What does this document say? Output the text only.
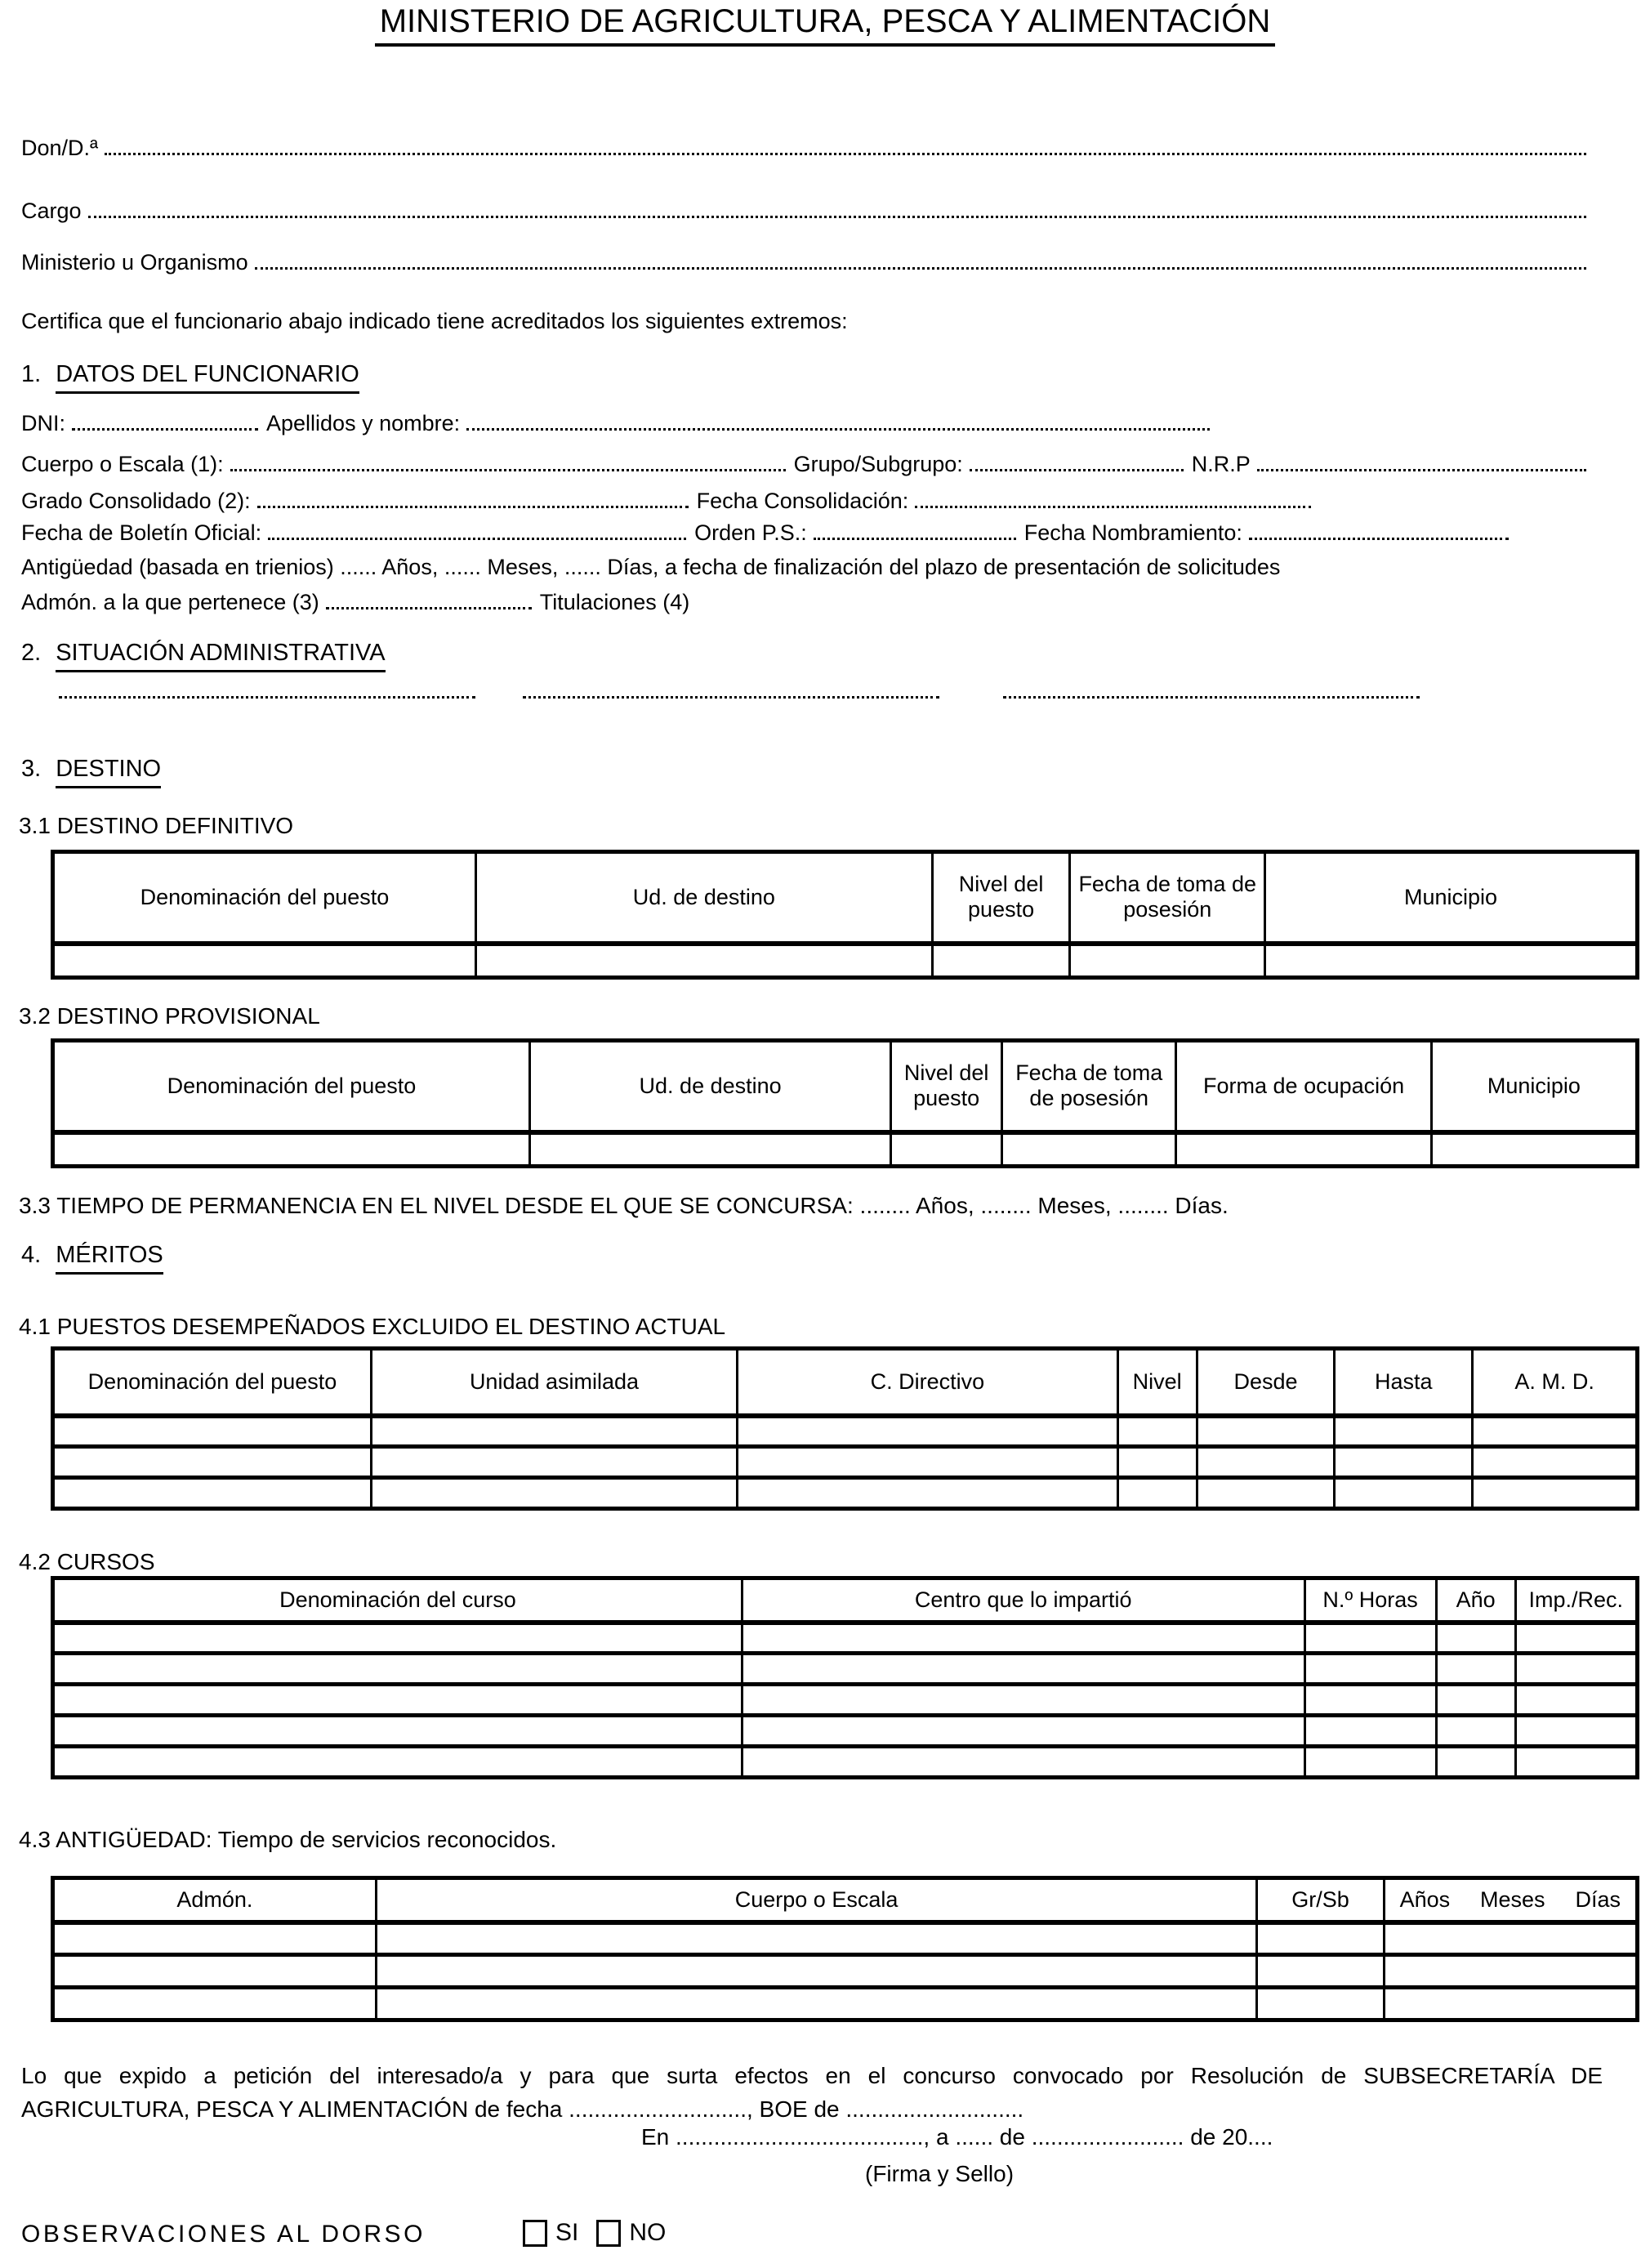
MINISTERIO DE AGRICULTURA, PESCA Y ALIMENTACIÓN
Don/D.ª
Cargo
Ministerio u Organismo
Certifica que el funcionario abajo indicado tiene acreditados los siguientes extremos:
1. DATOS DEL FUNCIONARIO
DNI:	Apellidos y nombre:
Cuerpo o Escala (1):	Grupo/Subgrupo:	N.R.P
Grado Consolidado (2):	Fecha Consolidación:
Fecha de Boletín Oficial:	Orden P.S.:	Fecha Nombramiento:
Antigüedad (basada en trienios) ...... Años, ...... Meses, ...... Días, a fecha de finalización del plazo de presentación de solicitudes
Admón. a la que pertenece (3)	Titulaciones (4)
2. SITUACIÓN ADMINISTRATIVA
3. DESTINO
3.1 DESTINO DEFINITIVO
Denominación del puesto	Ud. de destino	Nivel del puesto	Fecha de toma de posesión	Municipio

3.2 DESTINO PROVISIONAL
Denominación del puesto	Ud. de destino	Nivel del puesto	Fecha de toma de posesión	Forma de ocupación	Municipio

3.3 TIEMPO DE PERMANENCIA EN EL NIVEL DESDE EL QUE SE CONCURSA: ........ Años, ........ Meses, ........ Días.
4. MÉRITOS
4.1 PUESTOS DESEMPEÑADOS EXCLUIDO EL DESTINO ACTUAL
Denominación del puesto	Unidad asimilada	C. Directivo	Nivel	Desde	Hasta	A. M. D.

4.2 CURSOS
Denominación del curso	Centro que lo impartió	N.º Horas	Año	Imp./Rec.

4.3 ANTIGÜEDAD: Tiempo de servicios reconocidos.
Admón.	Cuerpo o Escala	Gr/Sb	Años Meses Días

Lo que expido a petición del interesado/a y para que surta efectos en el concurso convocado por Resolución de SUBSECRETARÍA DE
AGRICULTURA, PESCA Y ALIMENTACIÓN de fecha ............................, BOE de ............................
En ......................................., a ...... de ........................ de 20....
(Firma y Sello)
OBSERVACIONES AL DORSO	SI NO
